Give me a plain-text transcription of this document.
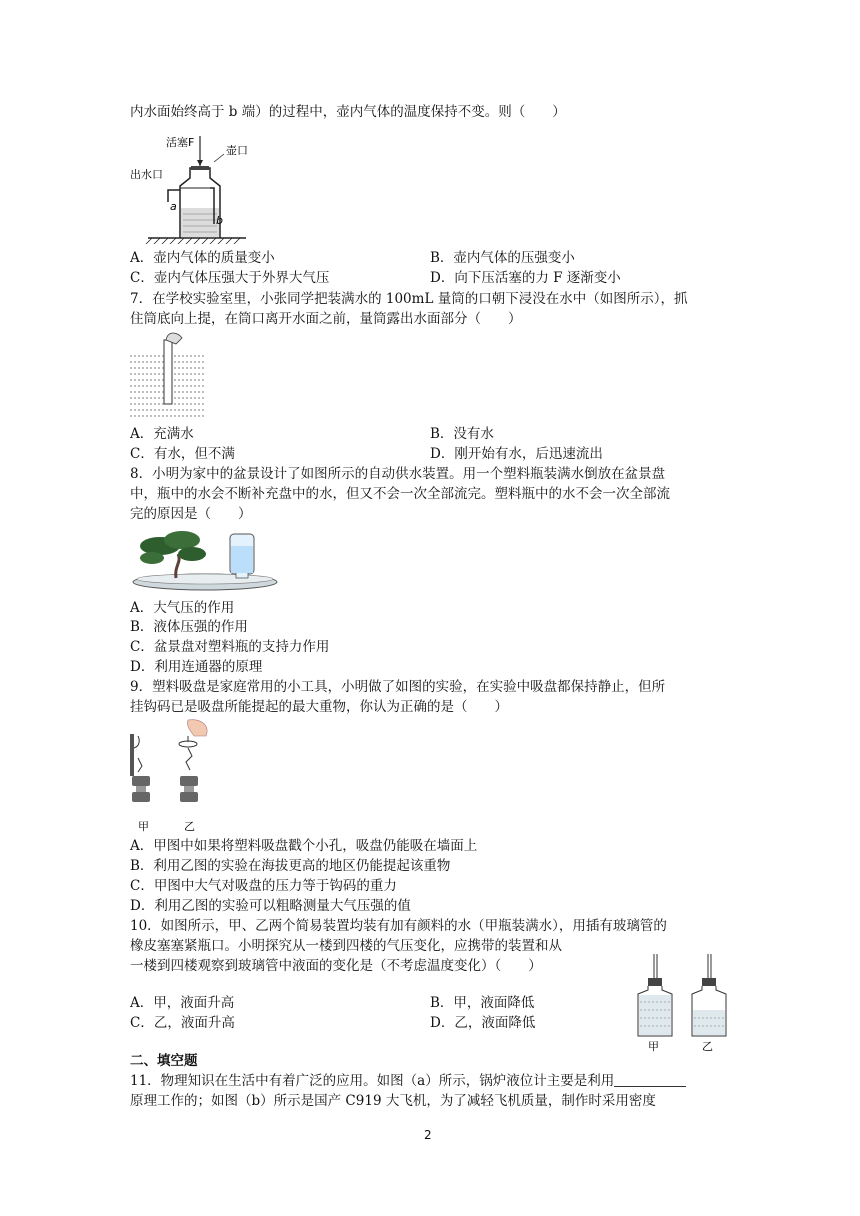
内水面始终高于 b 端）的过程中，壶内气体的温度保持不变。则（　　）
活塞F
壶口
出水口
a
b
A．壶内气体的质量变小	B．壶内气体的压强变小
C．壶内气体压强大于外界大气压	D．向下压活塞的力 F 逐渐变小
7．在学校实验室里，小张同学把装满水的 100mL 量筒的口朝下浸没在水中（如图所示），抓
住筒底向上提，在筒口离开水面之前，量筒露出水面部分（　　）
A．充满水	B．没有水
C．有水，但不满	D．刚开始有水，后迅速流出
8．小明为家中的盆景设计了如图所示的自动供水装置。用一个塑料瓶装满水倒放在盆景盘
中，瓶中的水会不断补充盘中的水，但又不会一次全部流完。塑料瓶中的水不会一次全部流
完的原因是（　　）
A．大气压的作用
B．液体压强的作用
C．盆景盘对塑料瓶的支持力作用
D．利用连通器的原理
9．塑料吸盘是家庭常用的小工具，小明做了如图的实验，在实验中吸盘都保持静止，但所
挂钩码已是吸盘所能提起的最大重物，你认为正确的是（　　）
甲	乙
A．甲图中如果将塑料吸盘戳个小孔，吸盘仍能吸在墙面上
B．利用乙图的实验在海拔更高的地区仍能提起该重物
C．甲图中大气对吸盘的压力等于钩码的重力
D．利用乙图的实验可以粗略测量大气压强的值
10．如图所示，甲、乙两个简易装置均装有加有颜料的水（甲瓶装满水），用插有玻璃管的
橡皮塞塞紧瓶口。小明探究从一楼到四楼的气压变化，应携带的装置和从
一楼到四楼观察到玻璃管中液面的变化是（不考虑温度变化）（　　）
A．甲，液面升高	B．甲，液面降低
C．乙，液面升高	D．乙，液面降低
甲	乙
二、填空题
11．物理知识在生活中有着广泛的应用。如图（a）所示，锅炉液位计主要是利用
原理工作的；如图（b）所示是国产 C919 大飞机，为了减轻飞机质量，制作时采用密度
2
